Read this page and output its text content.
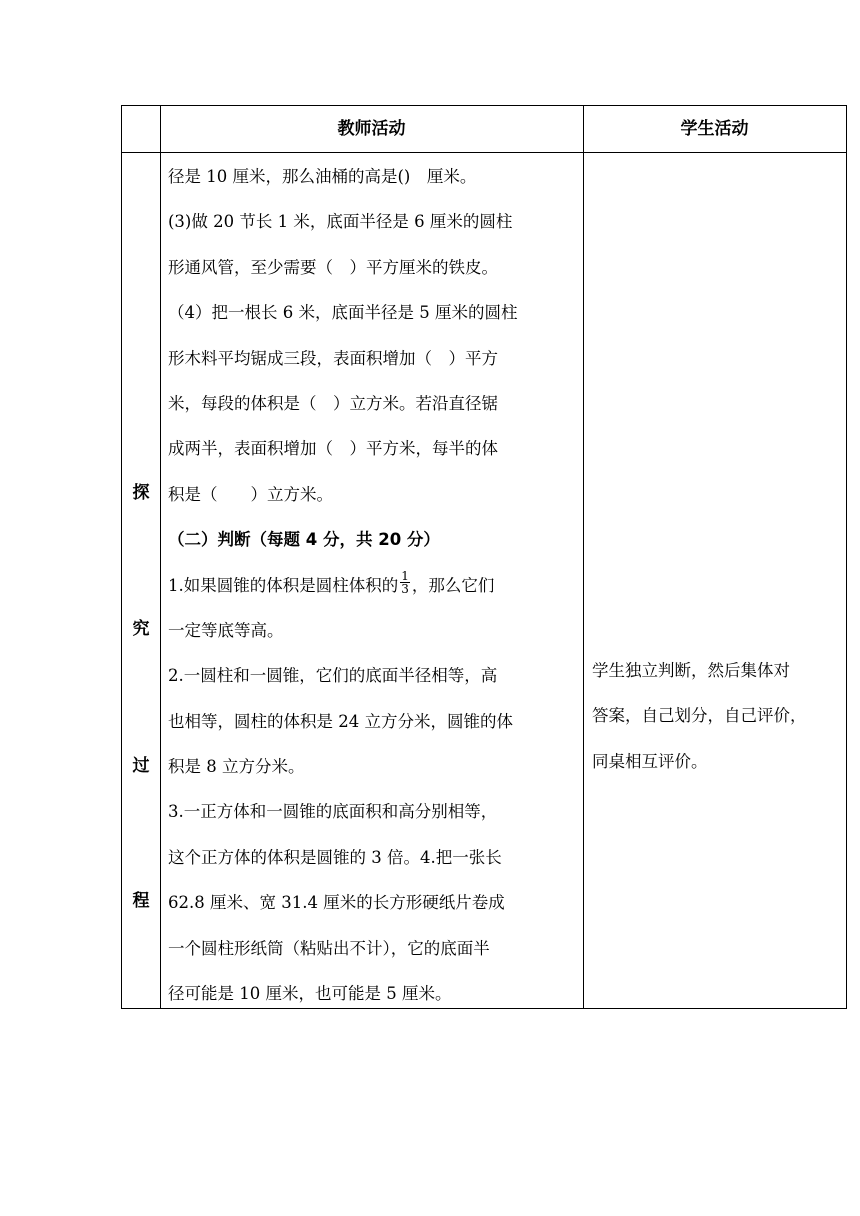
教师活动	学生活动
探
究
过
程
径是 10 厘米，那么油桶的高是()　厘米。
(3)做 20 节长 1 米，底面半径是 6 厘米的圆柱
形通风管，至少需要（　）平方厘米的铁皮。
（4）把一根长 6 米，底面半径是 5 厘米的圆柱
形木料平均锯成三段，表面积增加（　）平方
米，每段的体积是（　）立方米。若沿直径锯
成两半，表面积增加（　）平方米，每半的体
积是（　　）立方米。
（二）判断（每题 4 分，共 20 分）
1.如果圆锥的体积是圆柱体积的 $\frac{1}{3}$ ，那么它们
一定等底等高。
2.一圆柱和一圆锥，它们的底面半径相等，高
也相等，圆柱的体积是 24 立方分米，圆锥的体
积是 8 立方分米。
3.一正方体和一圆锥的底面积和高分别相等，
这个正方体的体积是圆锥的 3 倍。4.把一张长
62.8 厘米、宽 31.4 厘米的长方形硬纸片卷成
一个圆柱形纸筒（粘贴出不计），它的底面半
径可能是 10 厘米，也可能是 5 厘米。
学生独立判断，然后集体对
答案，自己划分，自己评价，
同桌相互评价。
